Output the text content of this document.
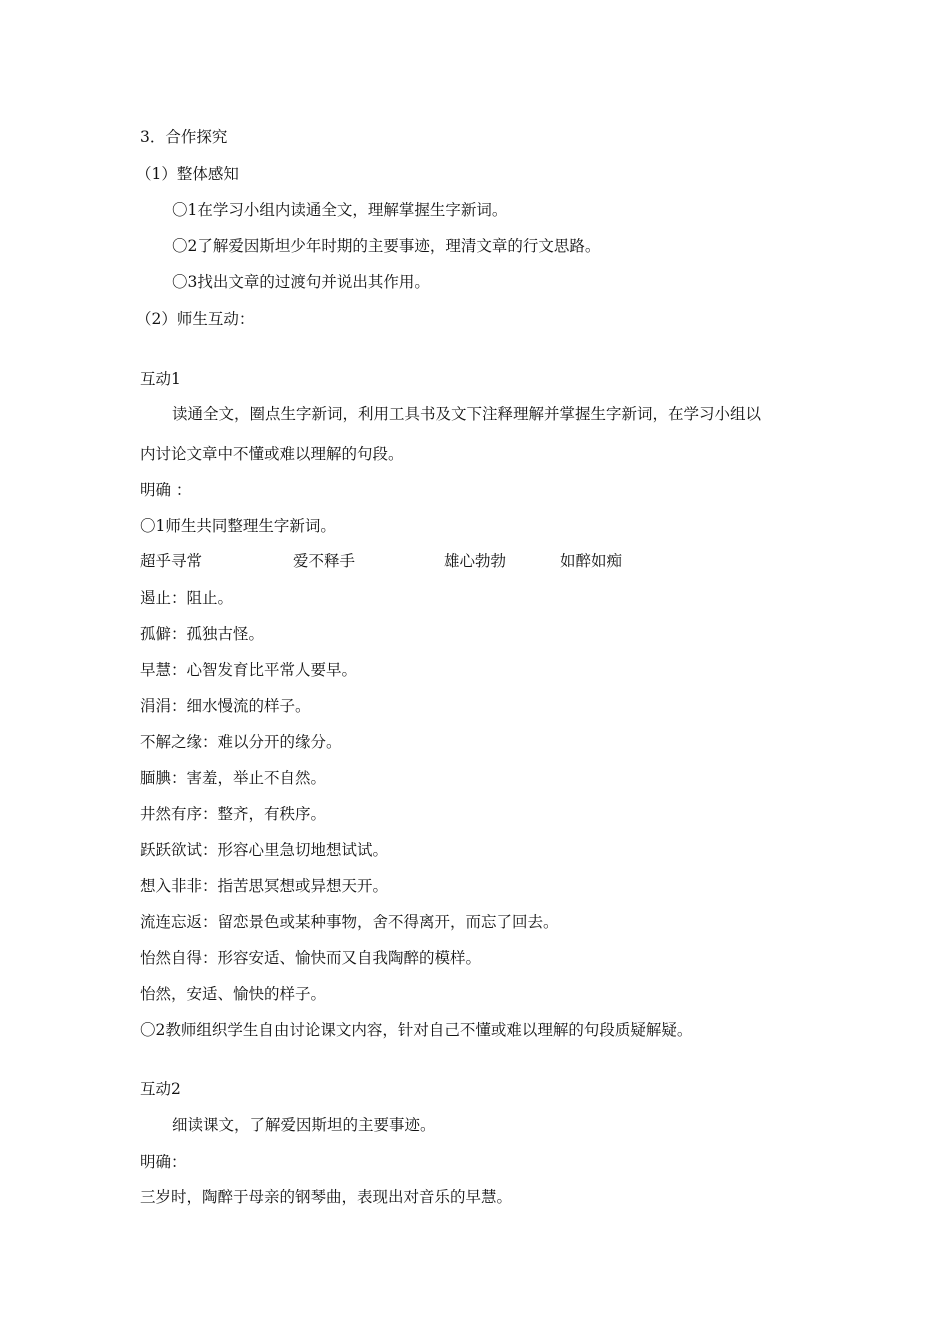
3．合作探究
（1）整体感知
〇1在学习小组内读通全文，理解掌握生字新词。
〇2了解爱因斯坦少年时期的主要事迹，理清文章的行文思路。
〇3找出文章的过渡句并说出其作用。
（2）师生互动：
互动1
读通全文，圈点生字新词，利用工具书及文下注释理解并掌握生字新词，在学习小组以
内讨论文章中不懂或难以理解的句段。
明确 ：
〇1师生共同整理生字新词。
超乎寻常	爱不释手	雄心勃勃	如醉如痴
遏止：阻止。
孤僻：孤独古怪。
早慧：心智发育比平常人要早。
涓涓：细水慢流的样子。
不解之缘：难以分开的缘分。
腼腆：害羞，举止不自然。
井然有序：整齐，有秩序。
跃跃欲试：形容心里急切地想试试。
想入非非：指苦思冥想或异想天开。
流连忘返：留恋景色或某种事物，舍不得离开，而忘了回去。
怡然自得：形容安适、愉快而又自我陶醉的模样。
怡然，安适、愉快的样子。
〇2教师组织学生自由讨论课文内容，针对自己不懂或难以理解的句段质疑解疑。
互动2
细读课文，了解爱因斯坦的主要事迹。
明确：
三岁时，陶醉于母亲的钢琴曲，表现出对音乐的早慧。
